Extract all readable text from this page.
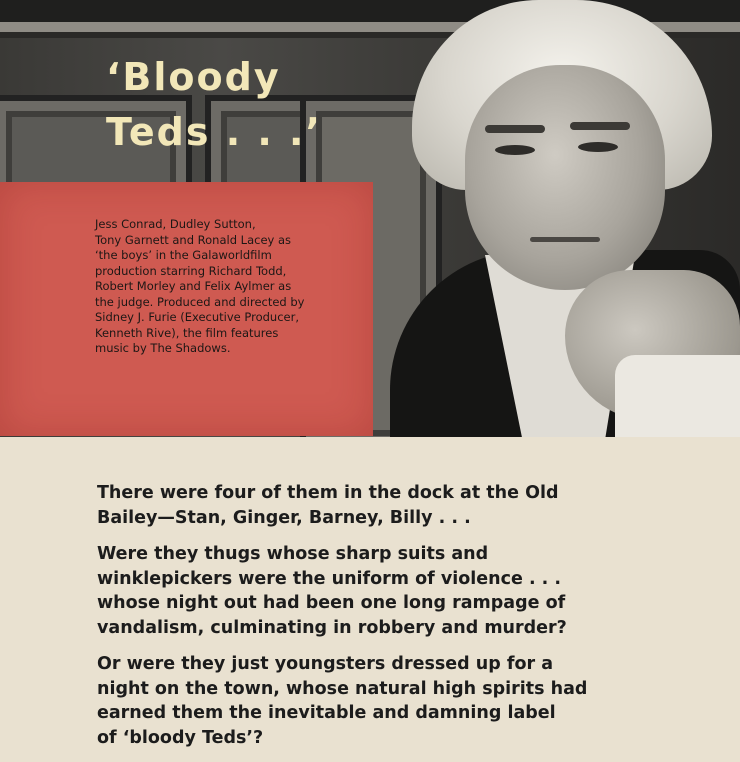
‘Bloody
Teds . . .’
Jess Conrad, Dudley Sutton,
Tony Garnett and Ronald Lacey as
‘the boys’ in the Galaworldfilm
production starring Richard Todd,
Robert Morley and Felix Aylmer as
the judge. Produced and directed by
Sidney J. Furie (Executive Producer,
Kenneth Rive), the film features
music by The Shadows.

There were four of them in the dock at the Old
Bailey—Stan, Ginger, Barney, Billy . . .

Were they thugs whose sharp suits and
winklepickers were the uniform of violence . . .
whose night out had been one long rampage of
vandalism, culminating in robbery and murder?

Or were they just youngsters dressed up for a
night on the town, whose natural high spirits had
earned them the inevitable and damning label
of ‘bloody Teds’?
